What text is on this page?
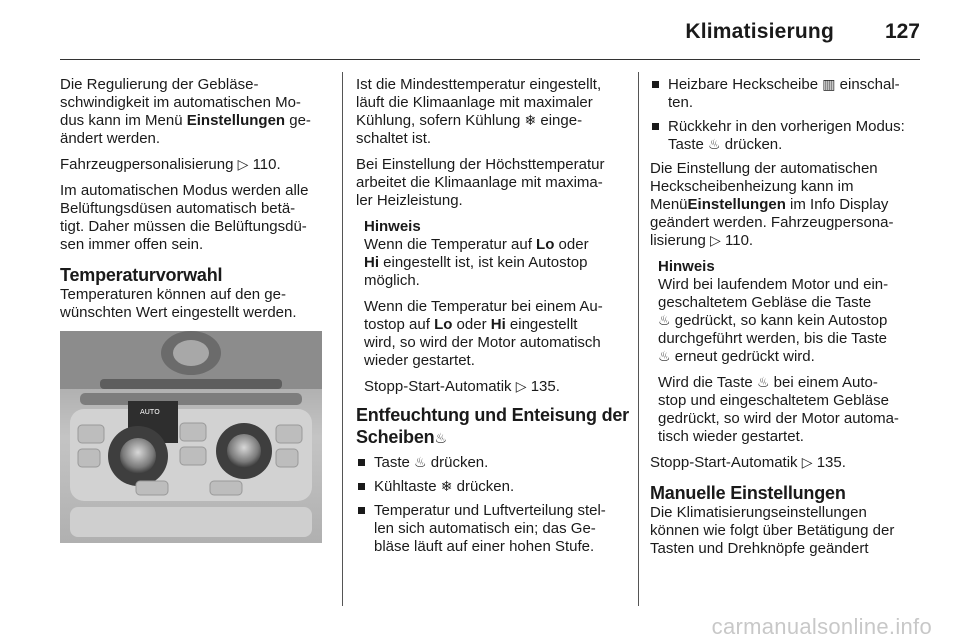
Klimatisierung 127

Die Regulierung der Gebläse-
schwindigkeit im automatischen Mo-
dus kann im Menü Einstellungen ge-
ändert werden.

Fahrzeugpersonalisierung ▷ 110.

Im automatischen Modus werden alle
Belüftungsdüsen automatisch betä-
tigt. Daher müssen die Belüftungsdü-
sen immer offen sein.

Temperaturvorwahl

Temperaturen können auf den ge-
wünschten Wert eingestellt werden.

AUTO

Ist die Mindesttemperatur eingestellt,
läuft die Klimaanlage mit maximaler
Kühlung, sofern Kühlung ❄ einge-
schaltet ist.

Bei Einstellung der Höchsttemperatur
arbeitet die Klimaanlage mit maxima-
ler Heizleistung.

Hinweis

Wenn die Temperatur auf Lo oder
Hi eingestellt ist, ist kein Autostop
möglich.

Wenn die Temperatur bei einem Au-
tostop auf Lo oder Hi eingestellt
wird, so wird der Motor automatisch
wieder gestartet.

Stopp-Start-Automatik ▷ 135.

Entfeuchtung und Enteisung der
Scheiben♨
Taste ♨ drücken.
Kühltaste ❄ drücken.
Temperatur und Luftverteilung stel-
len sich automatisch ein; das Ge-
bläse läuft auf einer hohen Stufe.
Heizbare Heckscheibe ▥ einschal-
ten.
Rückkehr in den vorherigen Modus:
Taste ♨ drücken.

Die Einstellung der automatischen
Heckscheibenheizung kann im
MenüEinstellungen im Info Display
geändert werden. Fahrzeugpersona-
lisierung ▷ 110.

Hinweis

Wird bei laufendem Motor und ein-
geschaltetem Gebläse die Taste
♨ gedrückt, so kann kein Autostop
durchgeführt werden, bis die Taste
♨ erneut gedrückt wird.

Wird die Taste ♨ bei einem Auto-
stop und eingeschaltetem Gebläse
gedrückt, so wird der Motor automa-
tisch wieder gestartet.

Stopp-Start-Automatik ▷ 135.

Manuelle Einstellungen

Die Klimatisierungseinstellungen
können wie folgt über Betätigung der
Tasten und Drehknöpfe geändert

carmanualsonline.info
